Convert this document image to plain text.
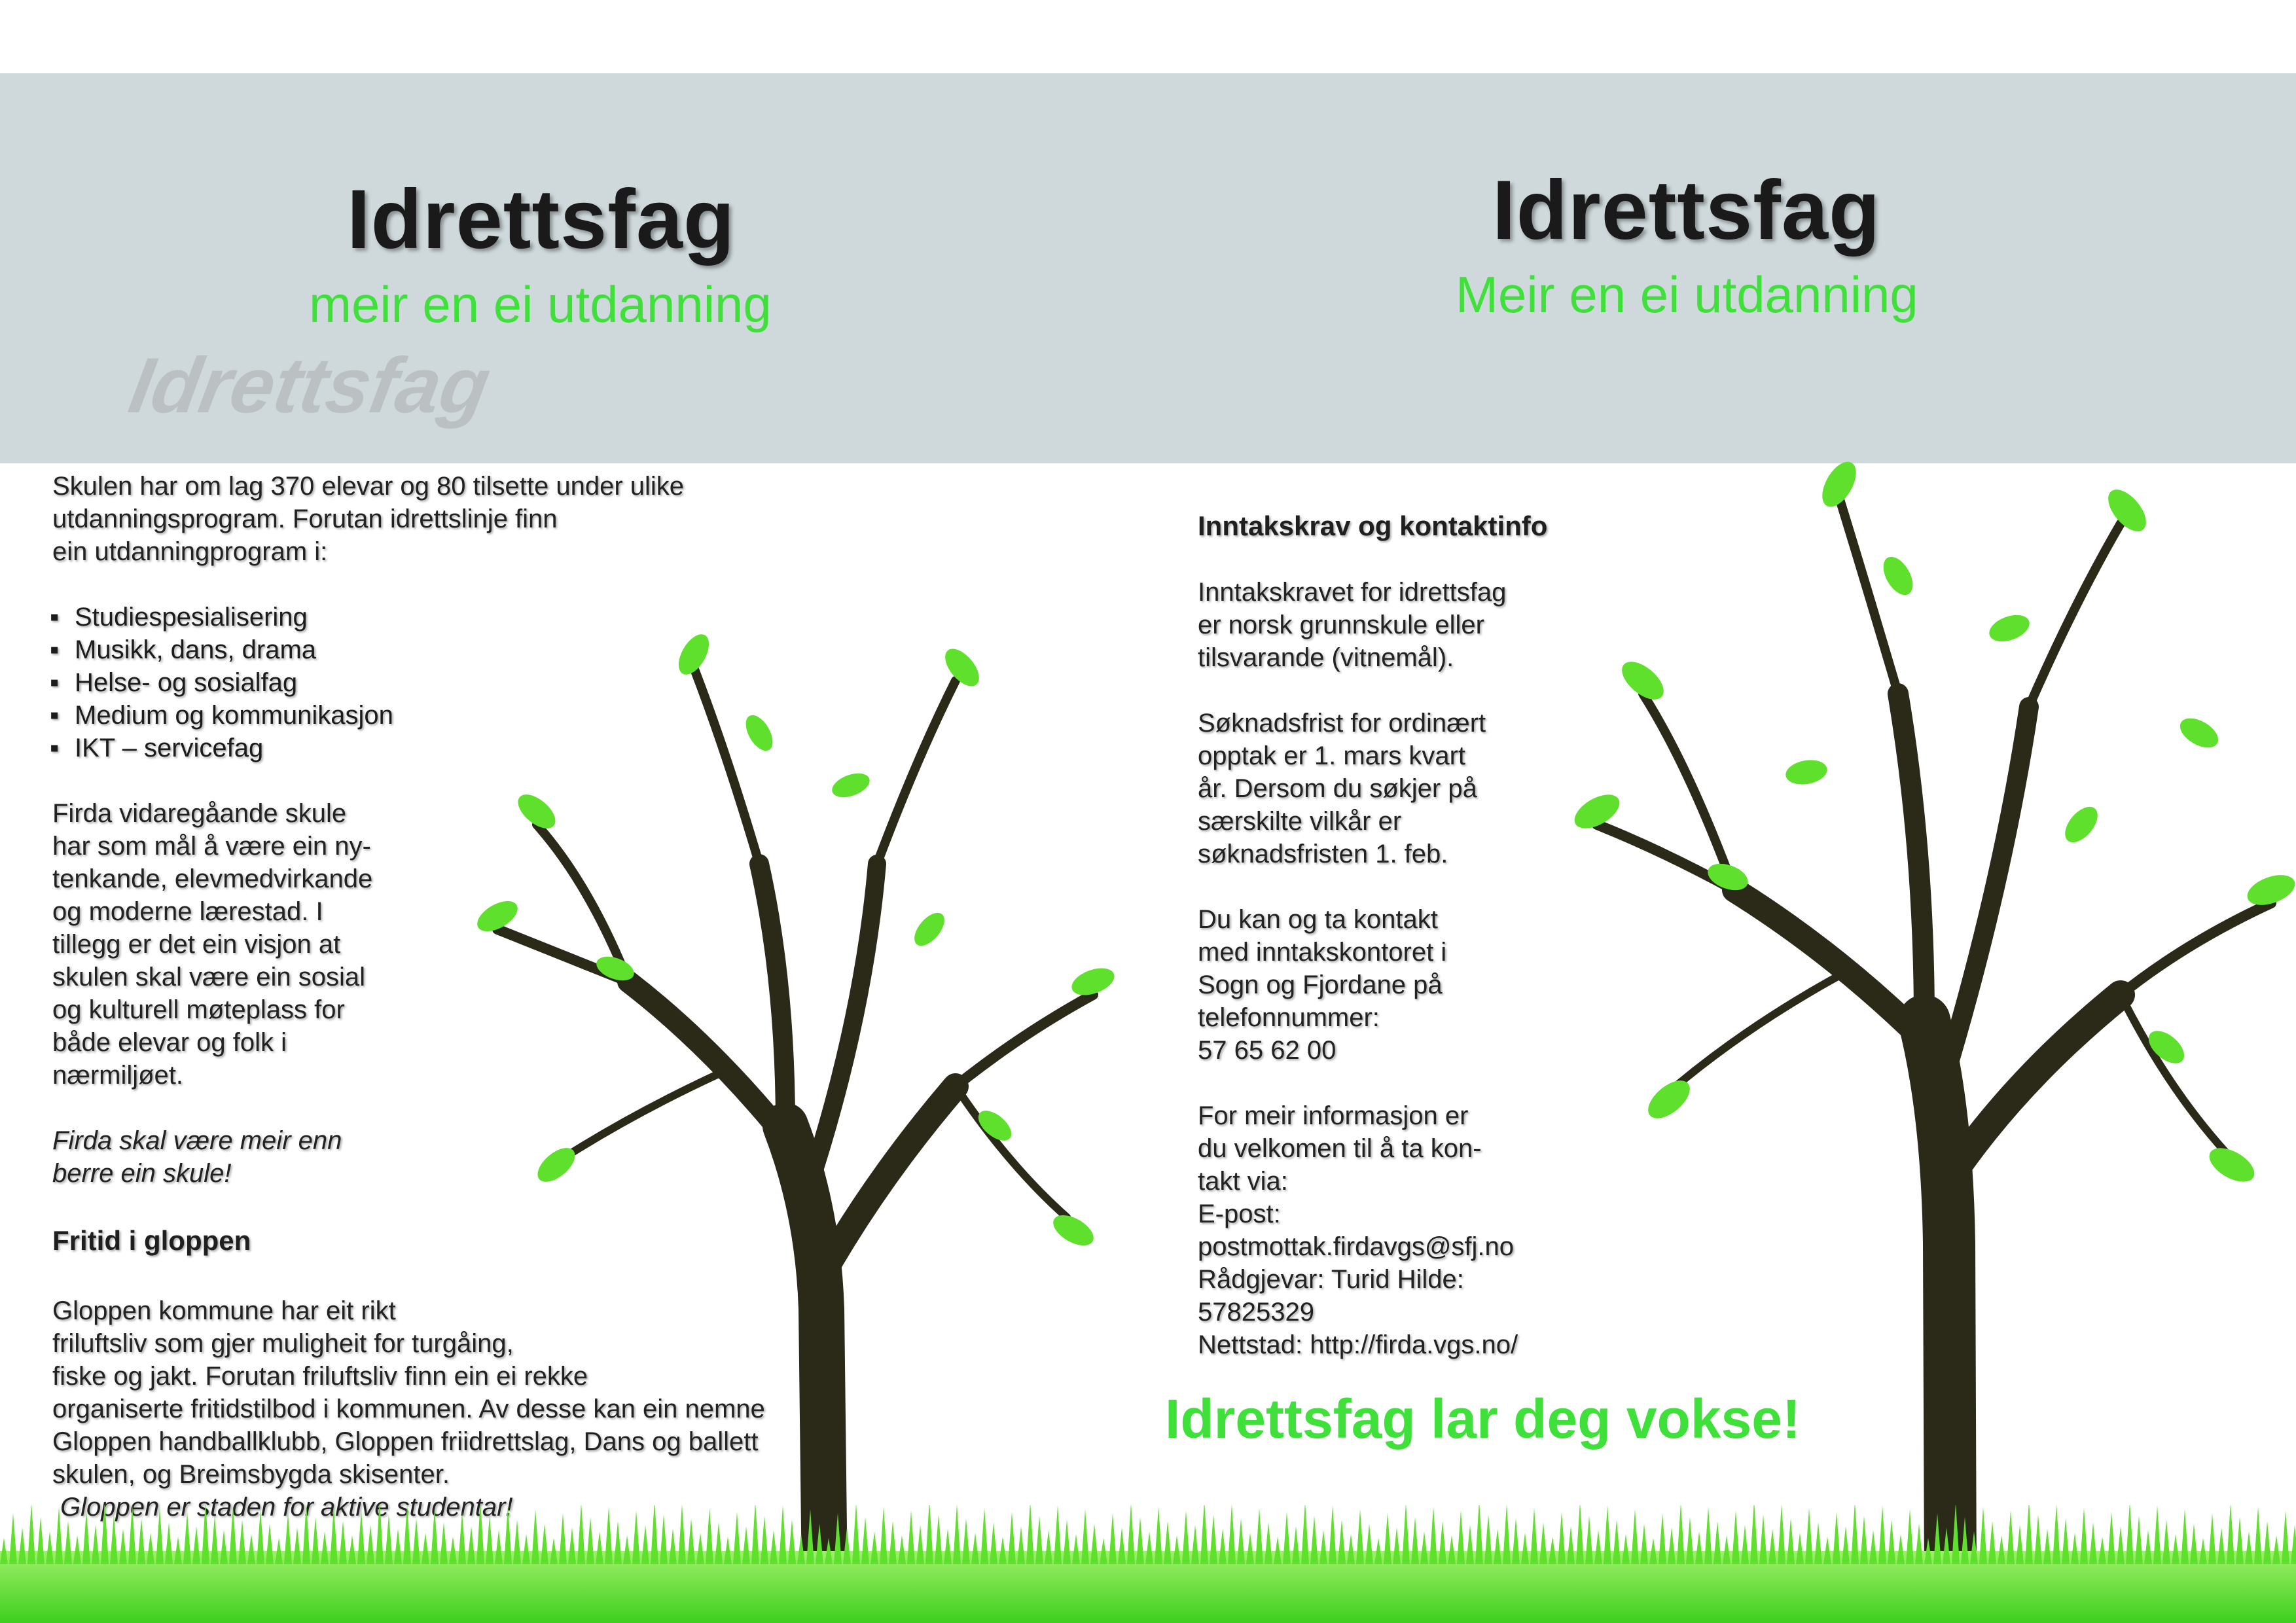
Idrettsfag
meir en ei utdanning
Idrettsfag
Idrettsfag
Meir en ei utdanning
Skulen har om lag 370 elevar og 80 tilsette under ulike
utdanningsprogram. Forutan idrettslinje finn
ein utdanningprogram i:
▪ Studiespesialisering
▪ Musikk, dans, drama
▪ Helse- og sosialfag
▪ Medium og kommunikasjon
▪ IKT – servicefag
Firda vidaregåande skule
har som mål å være ein ny-
tenkande, elevmedvirkande
og moderne lærestad. I
tillegg er det ein visjon at
skulen skal være ein sosial
og kulturell møteplass for
både elevar og folk i
nærmiljøet.
Firda skal være meir enn
berre ein skule!
Fritid i gloppen
Gloppen kommune har eit rikt
friluftsliv som gjer muligheit for turgåing,
fiske og jakt. Forutan friluftsliv finn ein ei rekke
organiserte fritidstilbod i kommunen. Av desse kan ein nemne
Gloppen handballklubb, Gloppen friidrettslag, Dans og ballett
skulen, og Breimsbygda skisenter.
Gloppen er staden for aktive studentar!
Inntakskrav og kontaktinfo
Inntakskravet for idrettsfag
er norsk grunnskule eller
tilsvarande (vitnemål).
Søknadsfrist for ordinært
opptak er 1. mars kvart
år. Dersom du søkjer på
særskilte vilkår er
søknadsfristen 1. feb.
Du kan og ta kontakt
med inntakskontoret i
Sogn og Fjordane på
telefonnummer:
57 65 62 00
For meir informasjon er
du velkomen til å ta kon-
takt via:
E-post:
postmottak.firdavgs@sfj.no
Rådgjevar: Turid Hilde:
57825329
Nettstad: http://firda.vgs.no/
Idrettsfag lar deg vokse!
